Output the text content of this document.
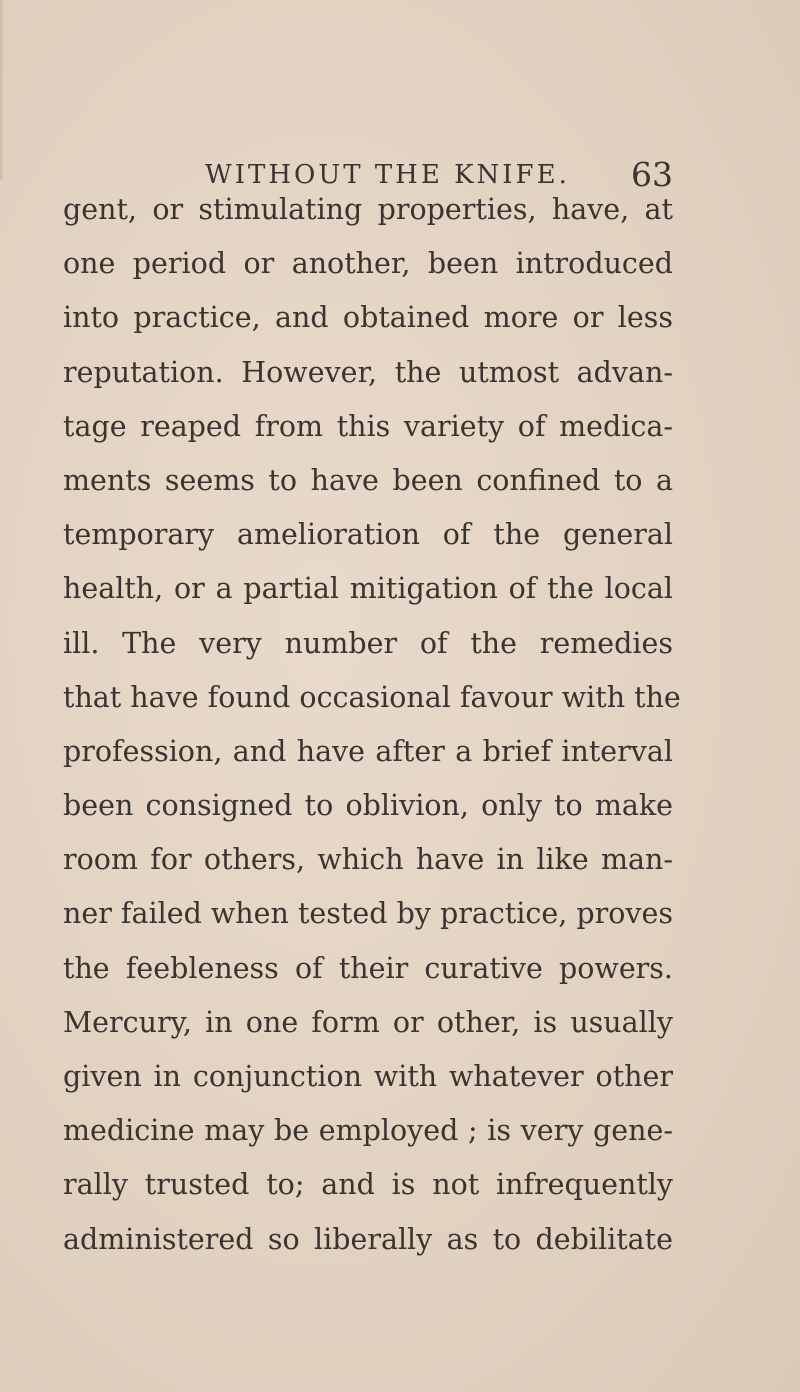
WITHOUT THE KNIFE. 63
gent, or stimulating properties, have, at
one period or another, been introduced
into practice, and obtained more or less
reputation. However, the utmost advan-
tage reaped from this variety of medica-
ments seems to have been confined to a
temporary amelioration of the general
health, or a partial mitigation of the local
ill. The very number of the remedies
that have found occasional favour with the
profession, and have after a brief interval
been consigned to oblivion, only to make
room for others, which have in like man-
ner failed when tested by practice, proves
the feebleness of their curative powers.
Mercury, in one form or other, is usually
given in conjunction with whatever other
medicine may be employed ; is very gene-
rally trusted to; and is not infrequently
administered so liberally as to debilitate
